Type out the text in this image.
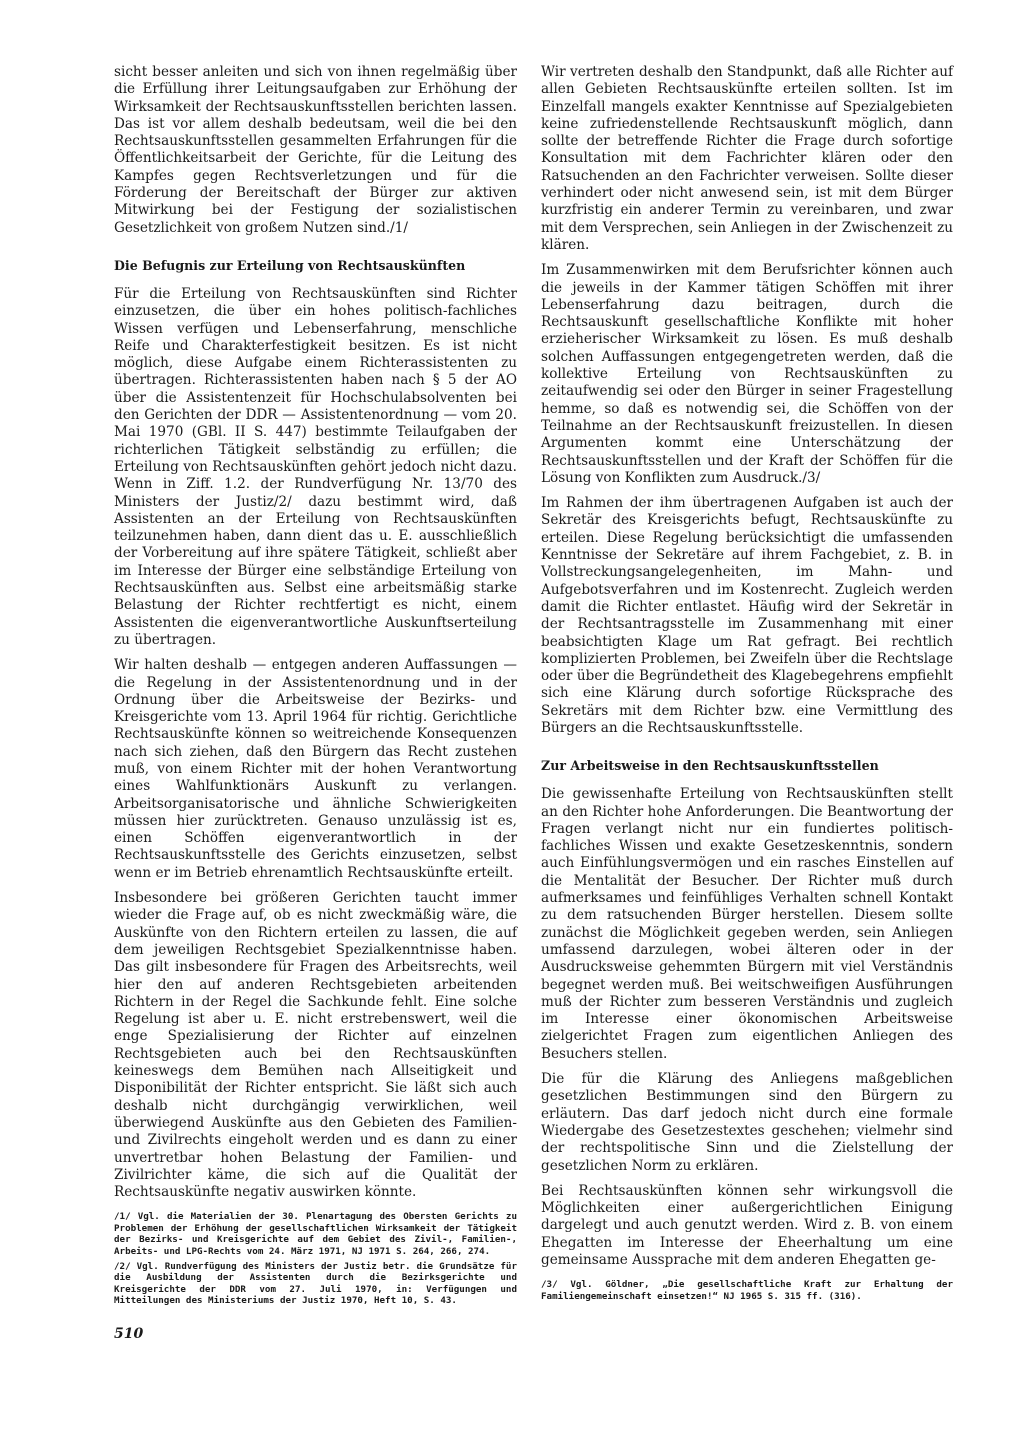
sicht besser anleiten und sich von ihnen regelmäßig über die Erfüllung ihrer Leitungsaufgaben zur Erhöhung der Wirksamkeit der Rechtsauskunftsstellen berichten lassen. Das ist vor allem deshalb bedeutsam, weil die bei den Rechtsauskunftsstellen gesammelten Erfahrungen für die Öffentlichkeitsarbeit der Gerichte, für die Leitung des Kampfes gegen Rechtsverletzungen und für die Förderung der Bereitschaft der Bürger zur aktiven Mitwirkung bei der Festigung der sozialistischen Gesetzlichkeit von großem Nutzen sind./1/

Die Befugnis zur Erteilung von Rechtsauskünften

Für die Erteilung von Rechtsauskünften sind Richter einzusetzen, die über ein hohes politisch-fachliches Wissen verfügen und Lebenserfahrung, menschliche Reife und Charakterfestigkeit besitzen. Es ist nicht möglich, diese Aufgabe einem Richterassistenten zu übertragen. Richterassistenten haben nach § 5 der AO über die Assistentenzeit für Hochschulabsolventen bei den Gerichten der DDR — Assistentenordnung — vom 20. Mai 1970 (GBl. II S. 447) bestimmte Teilaufgaben der richterlichen Tätigkeit selbständig zu erfüllen; die Erteilung von Rechtsauskünften gehört jedoch nicht dazu. Wenn in Ziff. 1.2. der Rundverfügung Nr. 13/70 des Ministers der Justiz/2/ dazu bestimmt wird, daß Assistenten an der Erteilung von Rechtsauskünften teilzunehmen haben, dann dient das u. E. ausschließlich der Vorbereitung auf ihre spätere Tätigkeit, schließt aber im Interesse der Bürger eine selbständige Erteilung von Rechtsauskünften aus. Selbst eine arbeitsmäßig starke Belastung der Richter rechtfertigt es nicht, einem Assistenten die eigenverantwortliche Auskunftserteilung zu übertragen.

Wir halten deshalb — entgegen anderen Auffassungen — die Regelung in der Assistentenordnung und in der Ordnung über die Arbeitsweise der Bezirks- und Kreisgerichte vom 13. April 1964 für richtig. Gerichtliche Rechtsauskünfte können so weitreichende Konsequenzen nach sich ziehen, daß den Bürgern das Recht zustehen muß, von einem Richter mit der hohen Verantwortung eines Wahlfunktionärs Auskunft zu verlangen. Arbeitsorganisatorische und ähnliche Schwierigkeiten müssen hier zurücktreten. Genauso unzulässig ist es, einen Schöffen eigenverantwortlich in der Rechtsauskunftsstelle des Gerichts einzusetzen, selbst wenn er im Betrieb ehrenamtlich Rechtsauskünfte erteilt.

Insbesondere bei größeren Gerichten taucht immer wieder die Frage auf, ob es nicht zweckmäßig wäre, die Auskünfte von den Richtern erteilen zu lassen, die auf dem jeweiligen Rechtsgebiet Spezialkenntnisse haben. Das gilt insbesondere für Fragen des Arbeitsrechts, weil hier den auf anderen Rechtsgebieten arbeitenden Richtern in der Regel die Sachkunde fehlt. Eine solche Regelung ist aber u. E. nicht erstrebenswert, weil die enge Spezialisierung der Richter auf einzelnen Rechtsgebieten auch bei den Rechtsauskünften keineswegs dem Bemühen nach Allseitigkeit und Disponibilität der Richter entspricht. Sie läßt sich auch deshalb nicht durchgängig verwirklichen, weil überwiegend Auskünfte aus den Gebieten des Familien- und Zivilrechts eingeholt werden und es dann zu einer unvertretbar hohen Belastung der Familien- und Zivilrichter käme, die sich auf die Qualität der Rechtsauskünfte negativ auswirken könnte.

/1/ Vgl. die Materialien der 30. Plenartagung des Obersten Gerichts zu Problemen der Erhöhung der gesellschaftlichen Wirksamkeit der Tätigkeit der Bezirks- und Kreisgerichte auf dem Gebiet des Zivil-, Familien-, Arbeits- und LPG-Rechts vom 24. März 1971, NJ 1971 S. 264, 266, 274.

/2/ Vgl. Rundverfügung des Ministers der Justiz betr. die Grundsätze für die Ausbildung der Assistenten durch die Bezirksgerichte und Kreisgerichte der DDR vom 27. Juli 1970, in: Verfügungen und Mitteilungen des Ministeriums der Justiz 1970, Heft 10, S. 43.

Wir vertreten deshalb den Standpunkt, daß alle Richter auf allen Gebieten Rechtsauskünfte erteilen sollten. Ist im Einzelfall mangels exakter Kenntnisse auf Spezialgebieten keine zufriedenstellende Rechtsauskunft möglich, dann sollte der betreffende Richter die Frage durch sofortige Konsultation mit dem Fachrichter klären oder den Ratsuchenden an den Fachrichter verweisen. Sollte dieser verhindert oder nicht anwesend sein, ist mit dem Bürger kurzfristig ein anderer Termin zu vereinbaren, und zwar mit dem Versprechen, sein Anliegen in der Zwischenzeit zu klären.

Im Zusammenwirken mit dem Berufsrichter können auch die jeweils in der Kammer tätigen Schöffen mit ihrer Lebenserfahrung dazu beitragen, durch die Rechtsauskunft gesellschaftliche Konflikte mit hoher erzieherischer Wirksamkeit zu lösen. Es muß deshalb solchen Auffassungen entgegengetreten werden, daß die kollektive Erteilung von Rechtsauskünften zu zeitaufwendig sei oder den Bürger in seiner Fragestellung hemme, so daß es notwendig sei, die Schöffen von der Teilnahme an der Rechtsauskunft freizustellen. In diesen Argumenten kommt eine Unterschätzung der Rechtsauskunftsstellen und der Kraft der Schöffen für die Lösung von Konflikten zum Ausdruck./3/

Im Rahmen der ihm übertragenen Aufgaben ist auch der Sekretär des Kreisgerichts befugt, Rechtsauskünfte zu erteilen. Diese Regelung berücksichtigt die umfassenden Kenntnisse der Sekretäre auf ihrem Fachgebiet, z. B. in Vollstreckungsangelegenheiten, im Mahn- und Aufgebotsverfahren und im Kostenrecht. Zugleich werden damit die Richter entlastet. Häufig wird der Sekretär in der Rechtsantragsstelle im Zusammenhang mit einer beabsichtigten Klage um Rat gefragt. Bei rechtlich komplizierten Problemen, bei Zweifeln über die Rechtslage oder über die Begründetheit des Klagebegehrens empfiehlt sich eine Klärung durch sofortige Rücksprache des Sekretärs mit dem Richter bzw. eine Vermittlung des Bürgers an die Rechtsauskunftsstelle.

Zur Arbeitsweise in den Rechtsauskunftsstellen

Die gewissenhafte Erteilung von Rechtsauskünften stellt an den Richter hohe Anforderungen. Die Beantwortung der Fragen verlangt nicht nur ein fundiertes politisch-fachliches Wissen und exakte Gesetzeskenntnis, sondern auch Einfühlungsvermögen und ein rasches Einstellen auf die Mentalität der Besucher. Der Richter muß durch aufmerksames und feinfühliges Verhalten schnell Kontakt zu dem ratsuchenden Bürger herstellen. Diesem sollte zunächst die Möglichkeit gegeben werden, sein Anliegen umfassend darzulegen, wobei älteren oder in der Ausdrucksweise gehemmten Bürgern mit viel Verständnis begegnet werden muß. Bei weitschweifigen Ausführungen muß der Richter zum besseren Verständnis und zugleich im Interesse einer ökonomischen Arbeitsweise zielgerichtet Fragen zum eigentlichen Anliegen des Besuchers stellen.

Die für die Klärung des Anliegens maßgeblichen gesetzlichen Bestimmungen sind den Bürgern zu erläutern. Das darf jedoch nicht durch eine formale Wiedergabe des Gesetzestextes geschehen; vielmehr sind der rechtspolitische Sinn und die Zielstellung der gesetzlichen Norm zu erklären.

Bei Rechtsauskünften können sehr wirkungsvoll die Möglichkeiten einer außergerichtlichen Einigung dargelegt und auch genutzt werden. Wird z. B. von einem Ehegatten im Interesse der Eheerhaltung um eine gemeinsame Aussprache mit dem anderen Ehegatten ge-

/3/ Vgl. Göldner, „Die gesellschaftliche Kraft zur Erhaltung der Familiengemeinschaft einsetzen!“ NJ 1965 S. 315 ff. (316).

510
